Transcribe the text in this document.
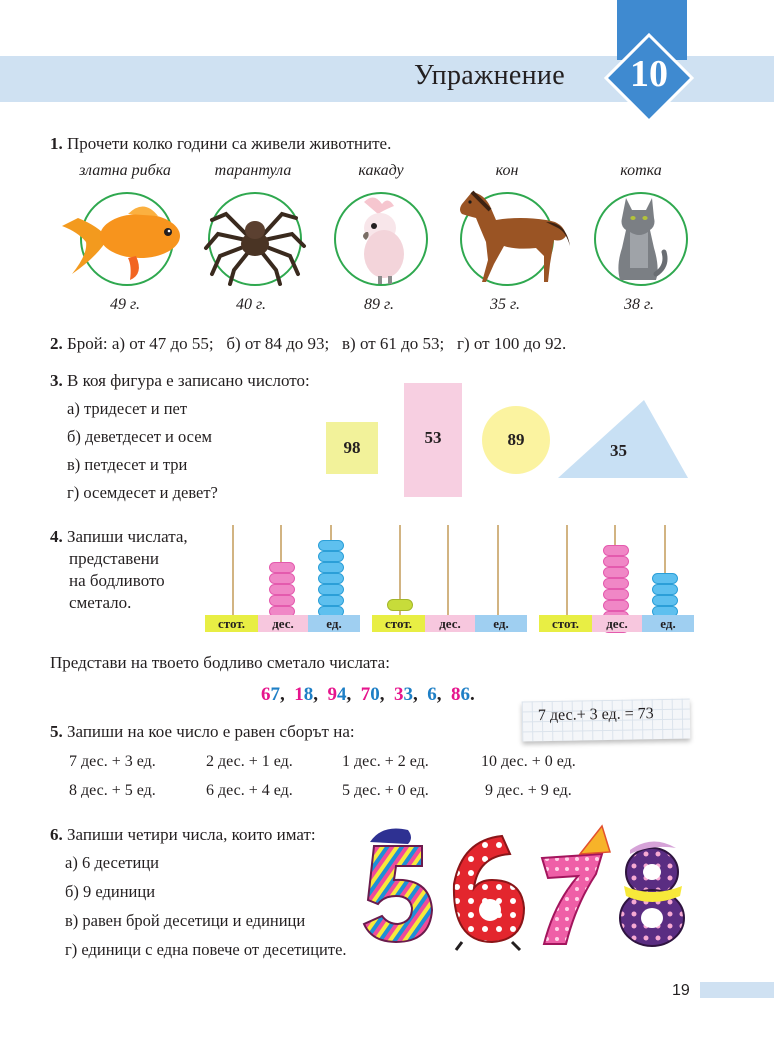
Упражнение	10
1. Прочети колко години са живели животните.
златна рибка	тарантула	какаду	кон	котка
49 г.	40 г.	89 г.	35 г.	38 г.
2. Брой: а) от 47 до 55;   б) от 84 до 93;   в) от 61 до 53;   г) от 100 до 92.
3. В коя фигура е записано числото:
а) тридесет и пет
б) деветдесет и осем
в) петдесет и три
г) осемдесет и девет?
98
53	89
35
4. Запиши числата,
представени
на бодливото
сметало.
стот.	дес.	ед.	стот.	дес.	ед.	стот.	дес.	ед.
Представи на твоето бодливо сметало числата:
67,  18,  94,  70,  33,  6,  86.
7 дес.+ 3 ед. = 73
5. Запиши на кое число е равен сборът на:
7 дес. + 3 ед.	2 дес. + 1 ед.	1 дес. + 2 ед.	10 дес. + 0 ед.
8 дес. + 5 ед.	6 дес. + 4 ед.	5 дес. + 0 ед.	9 дес. + 9 ед.
6. Запиши четири числа, които имат:
а) 6 десетици
б) 9 единици
в) равен брой десетици и единици
г) единици с една повече от десетиците.
19
